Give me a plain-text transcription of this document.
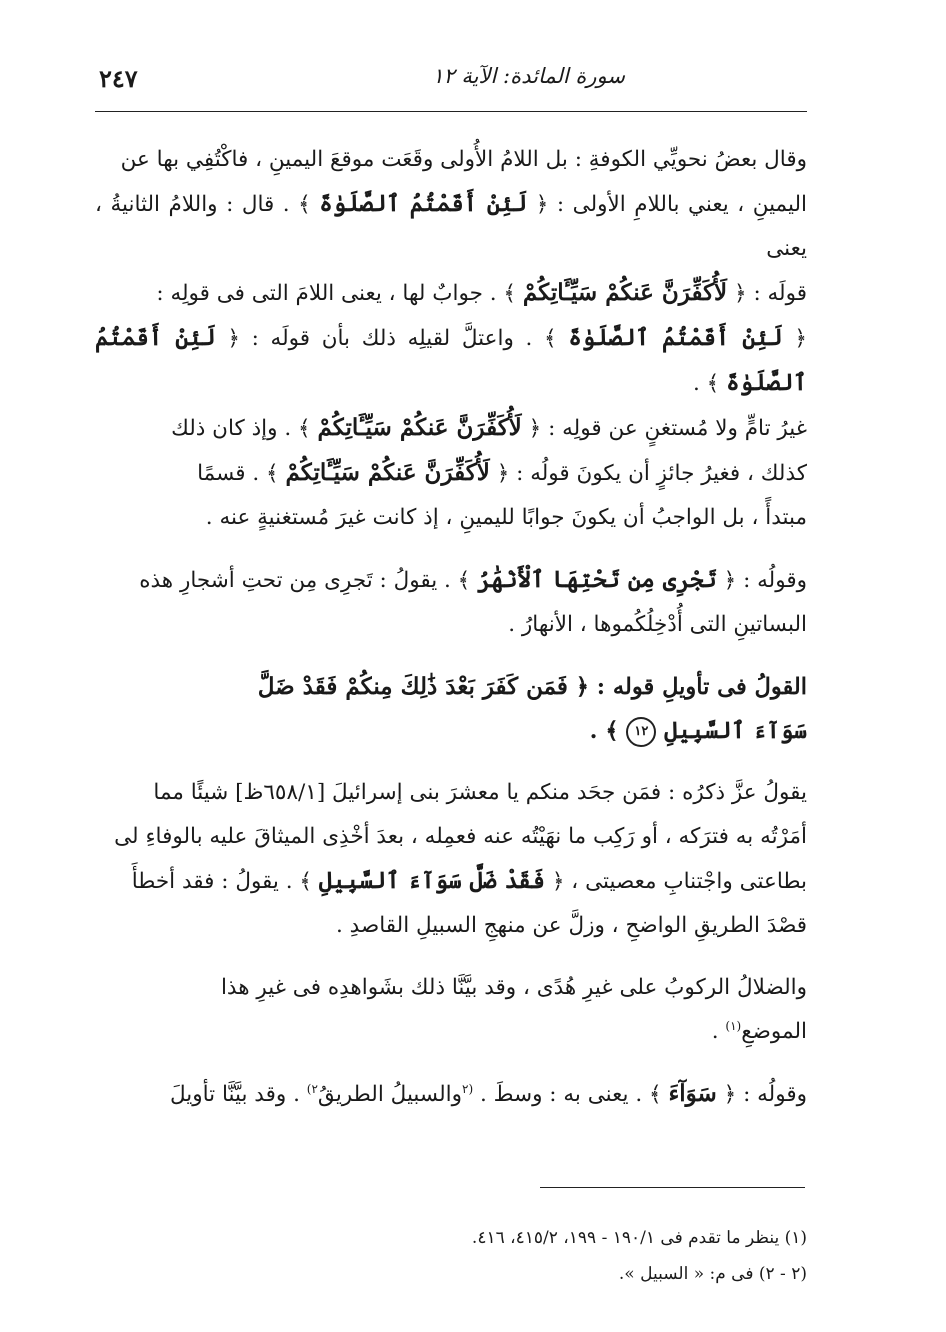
سورة المائدة: الآية ١٢
٢٤٧

وقال بعضُ نحويِّي الكوفةِ : بل اللامُ الأُولى وقَعَت موقعَ اليمينِ ، فاكْتُفِي بها عن

اليمينِ ، يعني باللامِ الأولى : ﴿ لَئِنْ أَقَمْتُمُ ٱلصَّلَوٰةَ ﴾ . قال : واللامُ الثانيةُ ، يعنى

قولَه : ﴿ لَأُكَفِّرَنَّ عَنكُمْ سَيِّـَٔاتِكُمْ ﴾ . جوابٌ لها ، يعنى اللامَ التى فى قولِه :

﴿ لَئِنْ أَقَمْتُمُ ٱلصَّلَوٰةَ ﴾ . واعتلَّ لقيلِه ذلك بأن قولَه : ﴿ لَئِنْ أَقَمْتُمُ ٱلصَّلَوٰةَ ﴾ .

غيرُ تامٍّ ولا مُستغنٍ عن قولِه : ﴿ لَأُكَفِّرَنَّ عَنكُمْ سَيِّـَٔاتِكُمْ ﴾ . وإذ كان ذلك

كذلك ، فغيرُ جائزٍ أن يكونَ قولُه : ﴿ لَأُكَفِّرَنَّ عَنكُمْ سَيِّـَٔاتِكُمْ ﴾ . قسمًا

مبتدأً ، بل الواجبُ أن يكونَ جوابًا لليمينِ ، إذ كانت غيرَ مُستغنيةٍ عنه .

وقولُه : ﴿ تَجْرِى مِن تَحْتِهَا ٱلْأَنْهَٰرُ ﴾ . يقولُ : تَجرِى مِن تحتِ أشجارِ هذه

البساتينِ التى أُدْخِلُكُموها ، الأنهارُ .

القولُ فى تأويلِ قوله : ﴿ فَمَن كَفَرَ بَعْدَ ذَٰلِكَ مِنكُمْ فَقَدْ ضَلَّ

سَوَآءَ ٱلسَّبِيلِ ١٢ ﴾ .

يقولُ عزَّ ذكرُه : فمَن جحَد منكم يا معشرَ بنى إسرائيلَ [٦٥٨/١ظ] شيئًا مما

أمَرْتُه به فترَكه ، أو رَكِب ما نهَيْتُه عنه فعمِله ، بعدَ أخْذِى الميثاقَ عليه بالوفاءِ لى

بطاعتى واجْتنابِ معصيتى ، ﴿ فَقَدْ ضَلَّ سَوَآءَ ٱلسَّبِيلِ ﴾ . يقولُ : فقد أخطأَ

قصْدَ الطريقِ الواضحِ ، وزلَّ عن منهجِ السبيلِ القاصدِ .

والضلالُ الركوبُ على غيرِ هُدًى ، وقد بيَّنَّا ذلك بشَواهدِه فى غيرِ هذا

الموضعِ$^{(١)}$ .

وقولُه : ﴿ سَوَآءَ ﴾ . يعنى به : وسطَ . $^{(٢}$والسبيلُ الطريقُ$^{٢)}$ . وقد بيَّنَّا تأويلَ

(١) ينظر ما تقدم فى ١٩٠/١ - ١٩٩، ٤١٥/٢، ٤١٦.

(٢ - ٢) فى م: « السبيل ».
